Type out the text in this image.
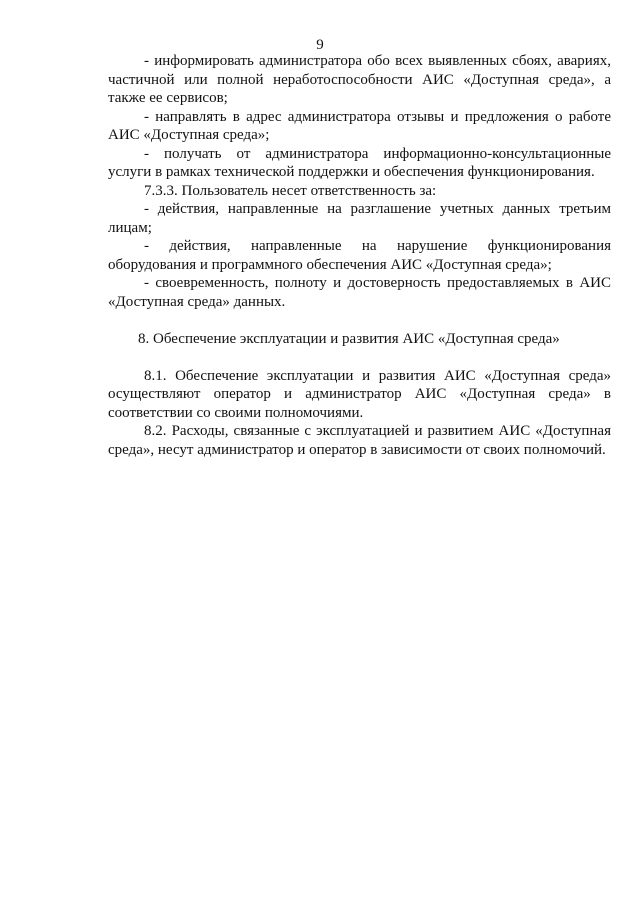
9

- информировать администратора обо всех выявленных сбоях, авариях, частичной или полной неработоспособности АИС «Доступная среда», а также ее сервисов;

- направлять в адрес администратора отзывы и предложения о работе АИС «Доступная среда»;

- получать от администратора информационно-консультационные услуги в рамках технической поддержки и обеспечения функционирования.

7.3.3. Пользователь несет ответственность за:

- действия, направленные на разглашение учетных данных третьим лицам;

- действия, направленные на нарушение функционирования оборудования и программного обеспечения АИС «Доступная среда»;

- своевременность, полноту и достоверность предоставляемых в АИС «Доступная среда» данных.

8. Обеспечение эксплуатации и развития АИС «Доступная среда»

8.1. Обеспечение эксплуатации и развития АИС «Доступная среда» осуществляют оператор и администратор АИС «Доступная среда» в соответствии со своими полномочиями.

8.2. Расходы, связанные с эксплуатацией и развитием АИС «Доступная среда», несут администратор и оператор в зависимости от своих полномочий.
